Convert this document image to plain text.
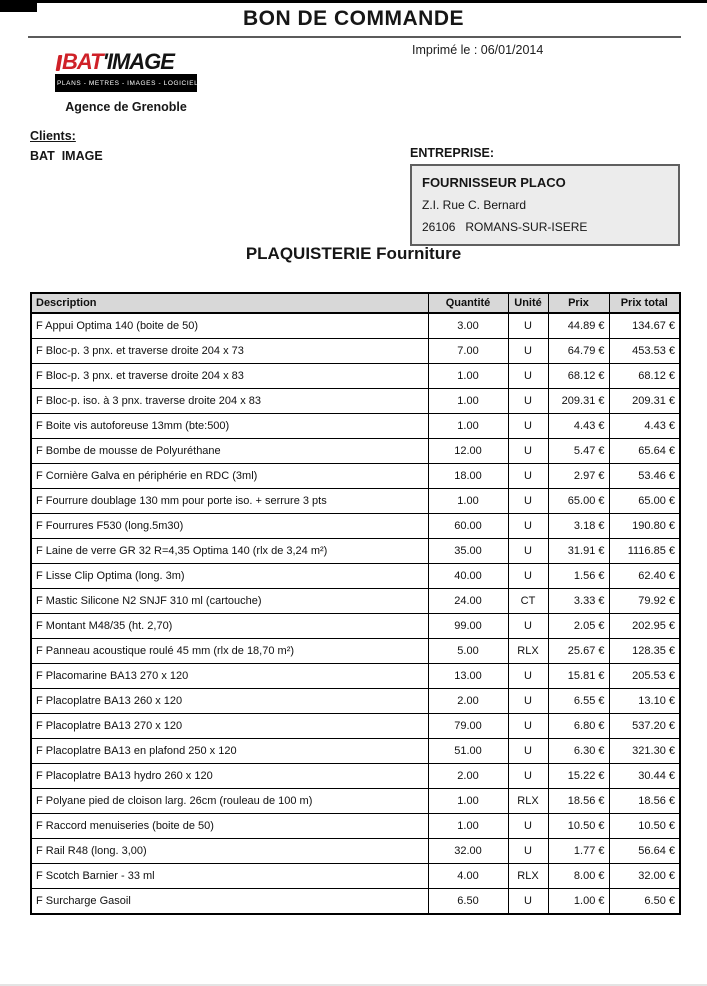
BON DE COMMANDE
Imprimé le : 06/01/2014
BAT'IMAGE
PLANS - METRES - IMAGES - LOGICIELS
Agence de Grenoble
Clients:
BAT  IMAGE	ENTREPRISE:
FOURNISSEUR PLACO
Z.I. Rue C. Bernard
26106   ROMANS-SUR-ISERE
PLAQUISTERIE Fourniture
Description	Quantité	Unité	Prix	Prix total
F Appui Optima 140 (boite de 50)	3.00	U	44.89 €	134.67 €
F Bloc-p. 3 pnx. et traverse droite 204 x 73	7.00	U	64.79 €	453.53 €
F Bloc-p. 3 pnx. et traverse droite 204 x 83	1.00	U	68.12 €	68.12 €
F Bloc-p. iso. à 3 pnx. traverse droite 204 x 83	1.00	U	209.31 €	209.31 €
F Boite vis autoforeuse 13mm (bte:500)	1.00	U	4.43 €	4.43 €
F Bombe de mousse de Polyuréthane	12.00	U	5.47 €	65.64 €
F Cornière Galva en périphérie en RDC (3ml)	18.00	U	2.97 €	53.46 €
F Fourrure doublage 130 mm pour porte iso. + serrure 3 pts	1.00	U	65.00 €	65.00 €
F Fourrures F530 (long.5m30)	60.00	U	3.18 €	190.80 €
F Laine de verre GR 32 R=4,35 Optima 140 (rlx de 3,24 m²)	35.00	U	31.91 €	1116.85 €
F Lisse Clip Optima (long. 3m)	40.00	U	1.56 €	62.40 €
F Mastic Silicone N2 SNJF 310 ml (cartouche)	24.00	CT	3.33 €	79.92 €
F Montant M48/35 (ht. 2,70)	99.00	U	2.05 €	202.95 €
F Panneau acoustique roulé 45 mm (rlx de 18,70 m²)	5.00	RLX	25.67 €	128.35 €
F Placomarine BA13 270 x 120	13.00	U	15.81 €	205.53 €
F Placoplatre BA13 260 x 120	2.00	U	6.55 €	13.10 €
F Placoplatre BA13 270 x 120	79.00	U	6.80 €	537.20 €
F Placoplatre BA13 en plafond 250 x 120	51.00	U	6.30 €	321.30 €
F Placoplatre BA13 hydro 260 x 120	2.00	U	15.22 €	30.44 €
F Polyane pied de cloison larg. 26cm (rouleau de 100 m)	1.00	RLX	18.56 €	18.56 €
F Raccord menuiseries (boite de 50)	1.00	U	10.50 €	10.50 €
F Rail R48 (long. 3,00)	32.00	U	1.77 €	56.64 €
F Scotch Barnier - 33 ml	4.00	RLX	8.00 €	32.00 €
F Surcharge Gasoil	6.50	U	1.00 €	6.50 €
